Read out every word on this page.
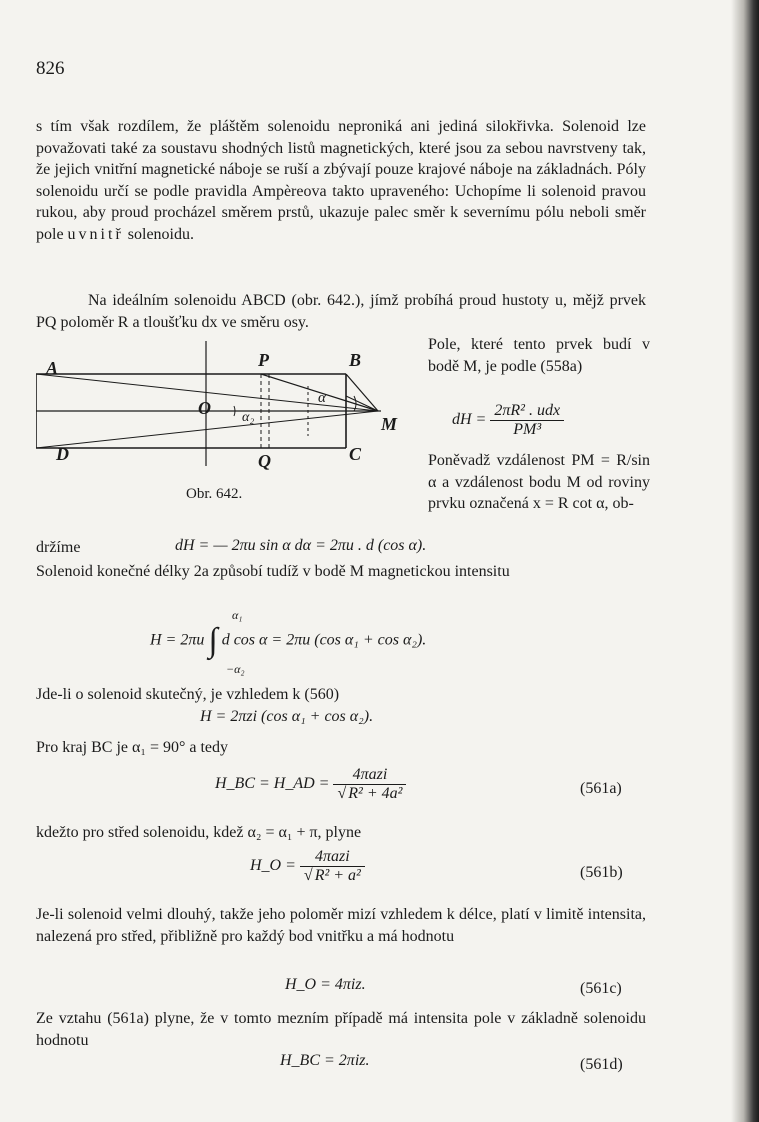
826
s tím však rozdílem, že pláštěm solenoidu neproniká ani jediná silokřivka. Solenoid lze považovati také za soustavu shodných listů magnetických, které jsou za sebou navrstveny tak, že jejich vnitřní magnetické náboje se ruší a zbývají pouze krajové náboje na základnách. Póly solenoidu určí se podle pravidla Ampèreova takto upraveného: Uchopíme li solenoid pravou rukou, aby proud procházel směrem prstů, ukazuje palec směr k severnímu pólu neboli směr pole uvnitř solenoidu.
Na ideálním solenoidu ABCD (obr. 642.), jímž probíhá proud hustoty u, mějž prvek PQ poloměr R a tloušťku dx ve směru osy.
A	P	B
O
M
D	Q	C
α
α₂
Obr. 642.
Pole, které tento prvek budí v bodě M, je podle (558a)
dH = $\frac{\text{2πR² . udx}}{\text{PM³}}$
Poněvadž vzdálenost PM = R/sin α a vzdálenost bodu M od roviny prvku označená x = R cot α, ob-
držíme	dH = — 2πu sin α dα = 2πu . d (cos α).
Solenoid konečné délky 2a způsobí tudíž v bodě M magnetickou intensitu
H = 2πu ∫ d cos α = 2πu (cos α₁ + cos α₂).
α₁
−α₂
Jde-li o solenoid skutečný, je vzhledem k (560)
H = 2πzi (cos α₁ + cos α₂).
Pro kraj BC je α₁ = 90° a tedy
H_BC = H_AD = $\frac{\text{4πazi}}{\text{√ R² + 4a²}}$	(561a)
kdežto pro střed solenoidu, kdež α₂ = α₁ + π, plyne
H_O = $\frac{\text{4πazi}}{\text{√ R² + a²}}$	(561b)
Je-li solenoid velmi dlouhý, takže jeho poloměr mizí vzhledem k délce, platí v limitě intensita, nalezená pro střed, přibližně pro každý bod vnitřku a má hodnotu
H_O = 4πiz.	(561c)
Ze vztahu (561a) plyne, že v tomto mezním případě má intensita pole v základně solenoidu hodnotu
H_BC = 2πiz.	(561d)
